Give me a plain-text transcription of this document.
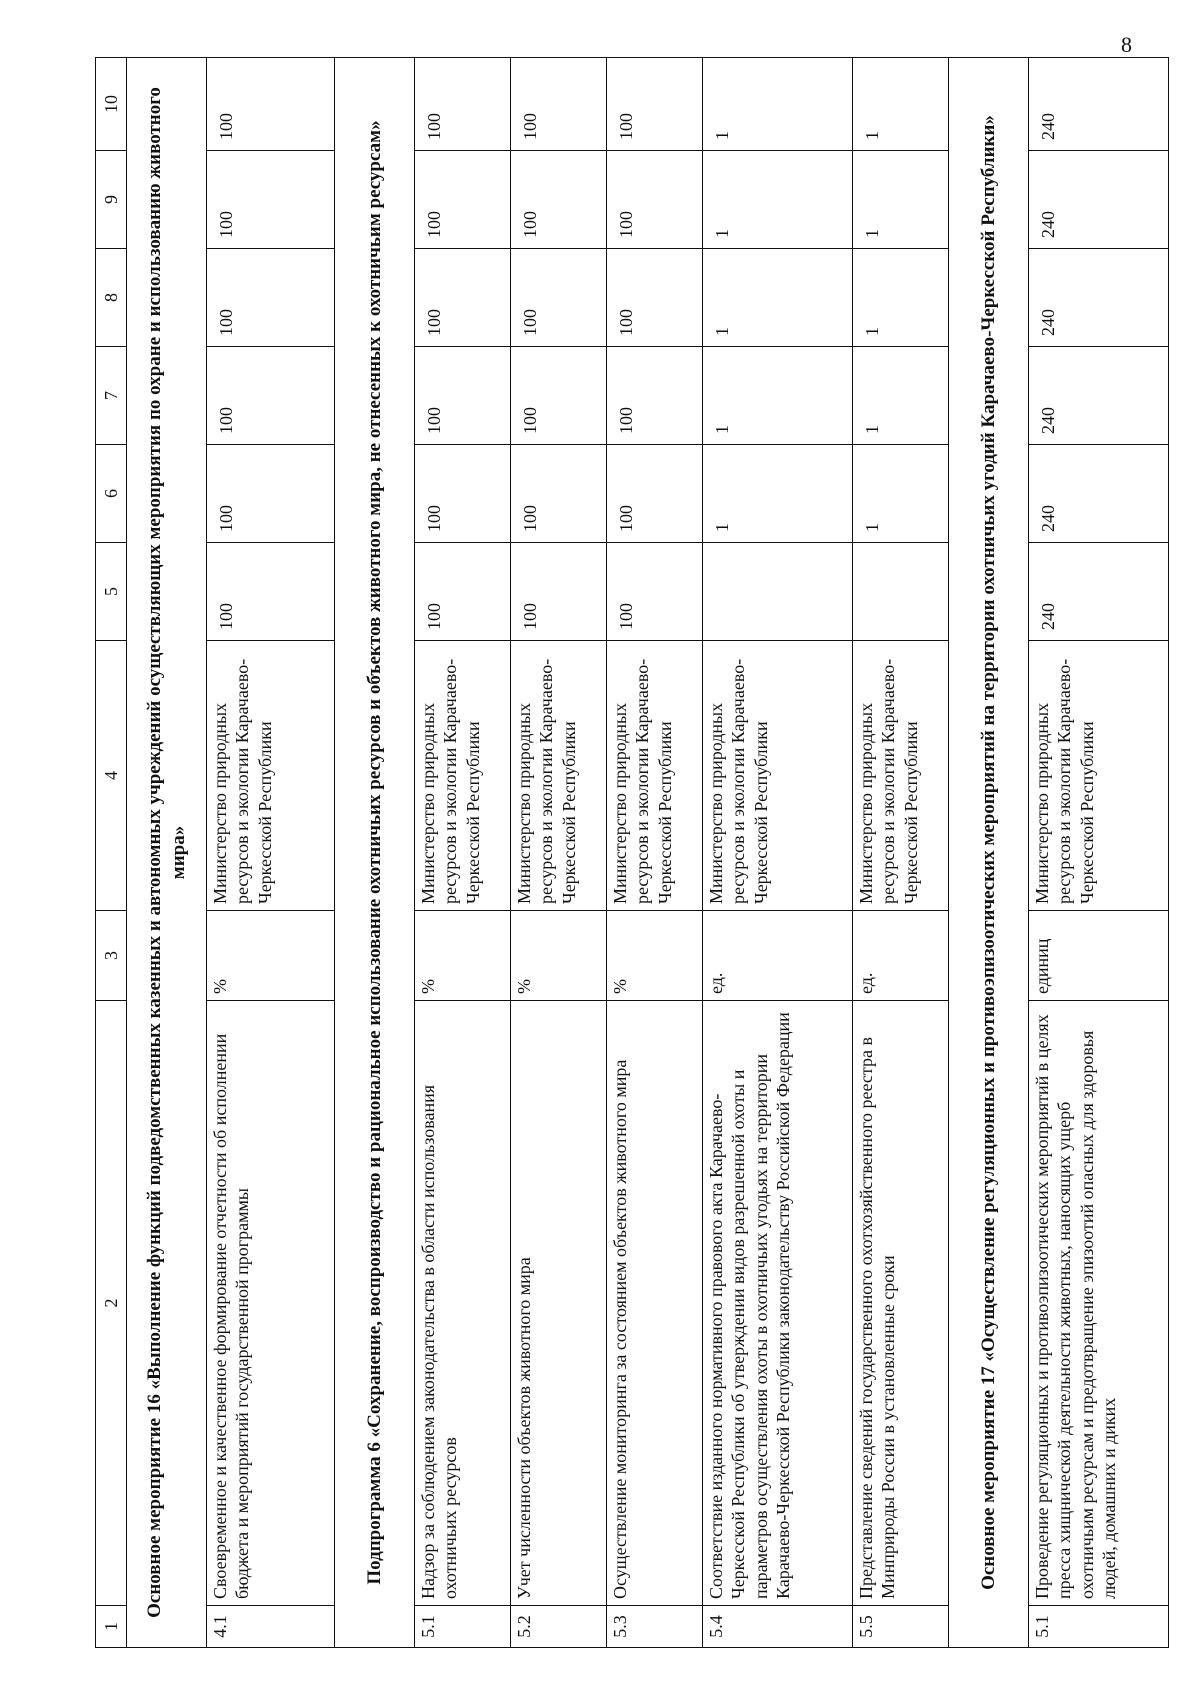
8
1	2	3	4	5	6	7	8	9	10
Основное мероприятие 16 «Выполнение функций подведомственных казенных и автономных учреждений осуществляющих мероприятия по охране и использованию животного мира»									
4.1	Своевременное и качественное формирование отчетности об исполнении бюджета и мероприятий государственной программы	%	Министерство природных ресурсов и экологии Карачаево-Черкесской Республики	100	100	100	100	100	100
Подпрограмма 6 «Сохранение, воспроизводство и рациональное использование охотничьих ресурсов и объектов животного мира, не отнесенных к охотничьим ресурсам»									
5.1	Надзор за соблюдением законодательства в области использования охотничьих ресурсов	%	Министерство природных ресурсов и экологии Карачаево-Черкесской Республики	100	100	100	100	100	100
5.2	Учет численности объектов животного мира	%	Министерство природных ресурсов и экологии Карачаево-Черкесской Республики	100	100	100	100	100	100
5.3	Осуществление мониторинга за состоянием объектов животного мира	%	Министерство природных ресурсов и экологии Карачаево-Черкесской Республики	100	100	100	100	100	100
5.4	Соответствие изданного нормативного правового акта Карачаево-Черкесской Республики об утверждении видов разрешенной охоты и параметров осуществления охоты в охотничьих угодьях на территории Карачаево-Черкесской Республики законодательству Российской Федерации	ед.	Министерство природных ресурсов и экологии Карачаево-Черкесской Республики		1	1	1	1	1
5.5	Представление сведений государственного охотхозяйственного реестра в Минприроды России в установленные сроки	ед.	Министерство природных ресурсов и экологии Карачаево-Черкесской Республики		1	1	1	1	1
Основное мероприятие 17 «Осуществление регуляционных и противоэпизоотических мероприятий на территории охотничьих угодий Карачаево-Черкесской Республики»									
5.1	Проведение регуляционных и противоэпизоотических мероприятий в целях пресса хищнической деятельности животных, наносящих ущерб охотничьим ресурсам и предотвращение эпизоотий опасных для здоровья людей, домашних и диких	единиц	Министерство природных ресурсов и экологии Карачаево-Черкесской Республики	240	240	240	240	240	240
